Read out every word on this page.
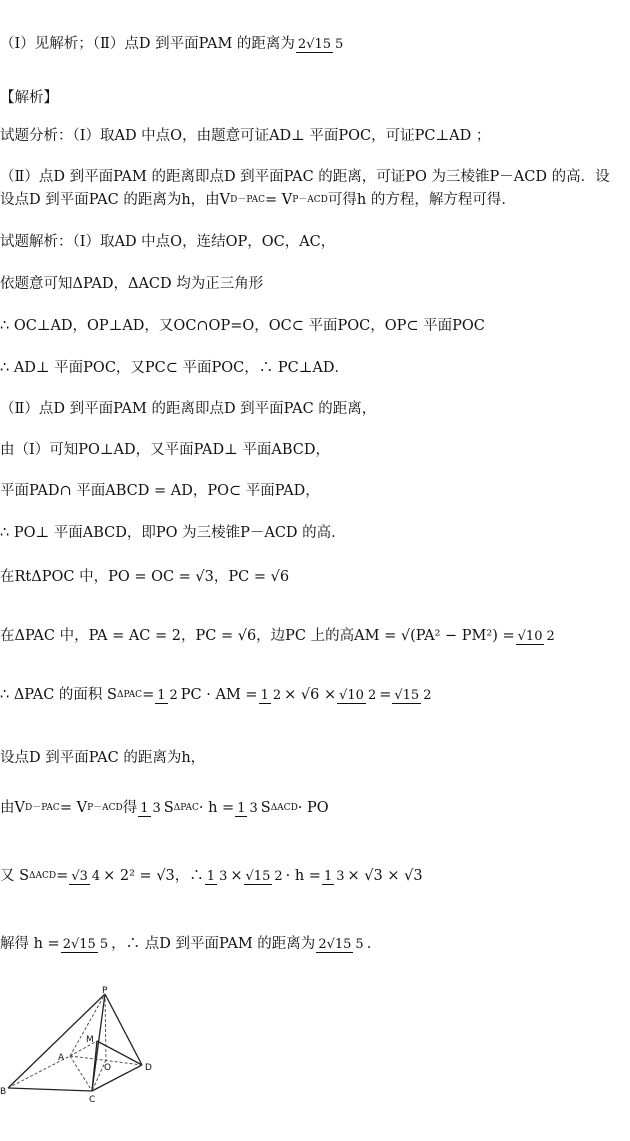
（Ⅰ）见解析；（Ⅱ）点D 到平面PAM 的距离为 2√15 5
【解析】
试题分析：（Ⅰ）取AD 中点O，由题意可证AD⊥ 平面POC，可证PC⊥AD ；
（Ⅱ）点D 到平面PAM 的距离即点D 到平面PAC 的距离，可证PO 为三棱锥P－ACD 的高．设
设点D 到平面PAC 的距离为h，由VD－PAC= VP－ACD可得h 的方程，解方程可得．
试题解析：（Ⅰ）取AD 中点O，连结OP，OC，AC，
依题意可知ΔPAD，ΔACD 均为正三角形
∴ OC⊥AD，OP⊥AD，又OC∩OP=O，OC⊂ 平面POC，OP⊂ 平面POC
∴ AD⊥ 平面POC，又PC⊂ 平面POC，∴ PC⊥AD．
（Ⅱ）点D 到平面PAM 的距离即点D 到平面PAC 的距离，
由（Ⅰ）可知PO⊥AD，又平面PAD⊥ 平面ABCD，
平面PAD∩ 平面ABCD = AD，PO⊂ 平面PAD，
∴ PO⊥ 平面ABCD，即PO 为三棱锥P－ACD 的高．
在RtΔPOC 中，PO = OC = √3，PC = √6
在ΔPAC 中，PA = AC = 2，PC = √6，边PC 上的高AM = √(PA² − PM²) =√10 2
∴ ΔPAC 的面积 SΔPAC=1 2 PC · AM =1 2× √6 ×√10 2=√15 2
设点D 到平面PAC 的距离为h，
由VD－PAC= VP－ACD得1 3 SΔPAC· h =1 3 SΔACD· PO
又 SΔACD=√3 4× 2² = √3，∴1 3×√15 2· h =1 3× √3 × √3
解得 h =2√15 5 ，∴ 点D 到平面PAM 的距离为2√15 5 ．
P
M
A
O	D
B
C
